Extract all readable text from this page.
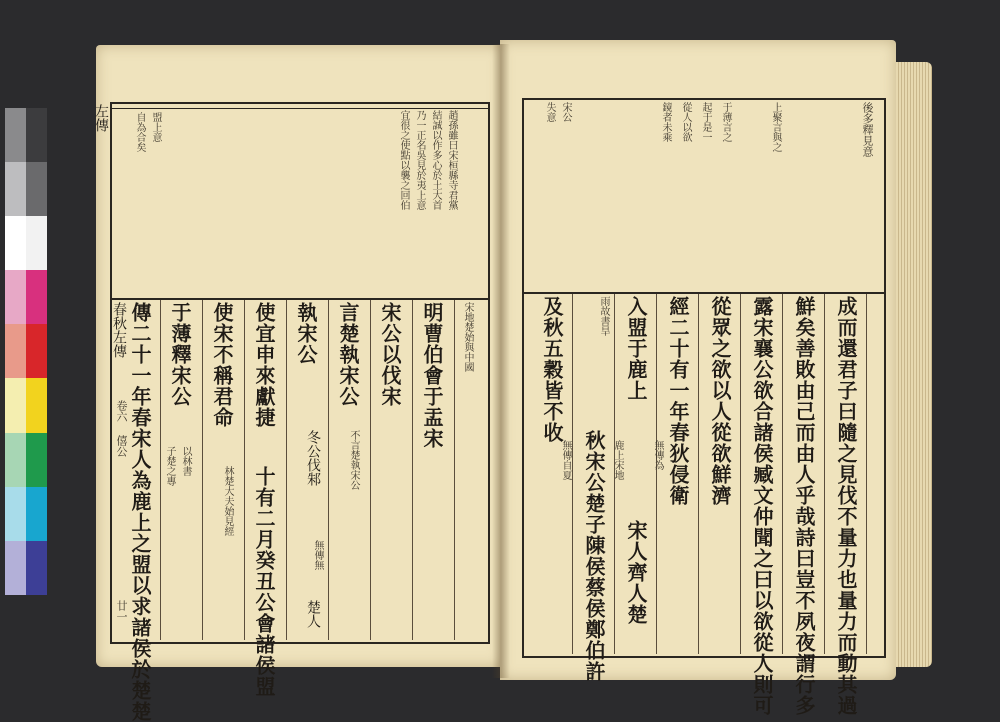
左傳
春秋左傳
卷六 僖公
廿一
趙孫雖曰宋桓縣寺君黨
結誠以作多心於土大首
乃一正名吳見於夷上意
宜很之使點以襲之回伯
盟上意
自為合矣
明曹伯會于盂宋
宋公以伐宋
言楚執宋公
執宋公
使宜申來獻捷
使宋不稱君命
于薄釋宋公
傳二十一年春宋人為鹿上之盟以求諸侯於楚楚	宋地楚始與中國
不言楚執宋公
冬公伐邾
無傳無
楚人
十有二月癸丑公會諸侯盟
林楚大夫始見經
以林書
子楚之專
後多釋見意
上聚言與之
于薄言之
起于是一
從人以欲
鏡者未乘
宋公
失意
成而還君子曰隨之見伐不量力也量力而動其過
鮮矣善敗由己而由人乎哉詩曰豈不夙夜謂行多
露宋襄公欲合諸侯臧文仲聞之曰以欲從人則可
從眾之欲以人從欲鮮濟
經二十有一年春狄侵衛
入盟于鹿上
宋人齊人楚
雨故書旱
秋宋公楚子陳侯蔡侯鄭伯許
及秋五穀皆不收
無傳為
鹿上宋地
無傳自夏
